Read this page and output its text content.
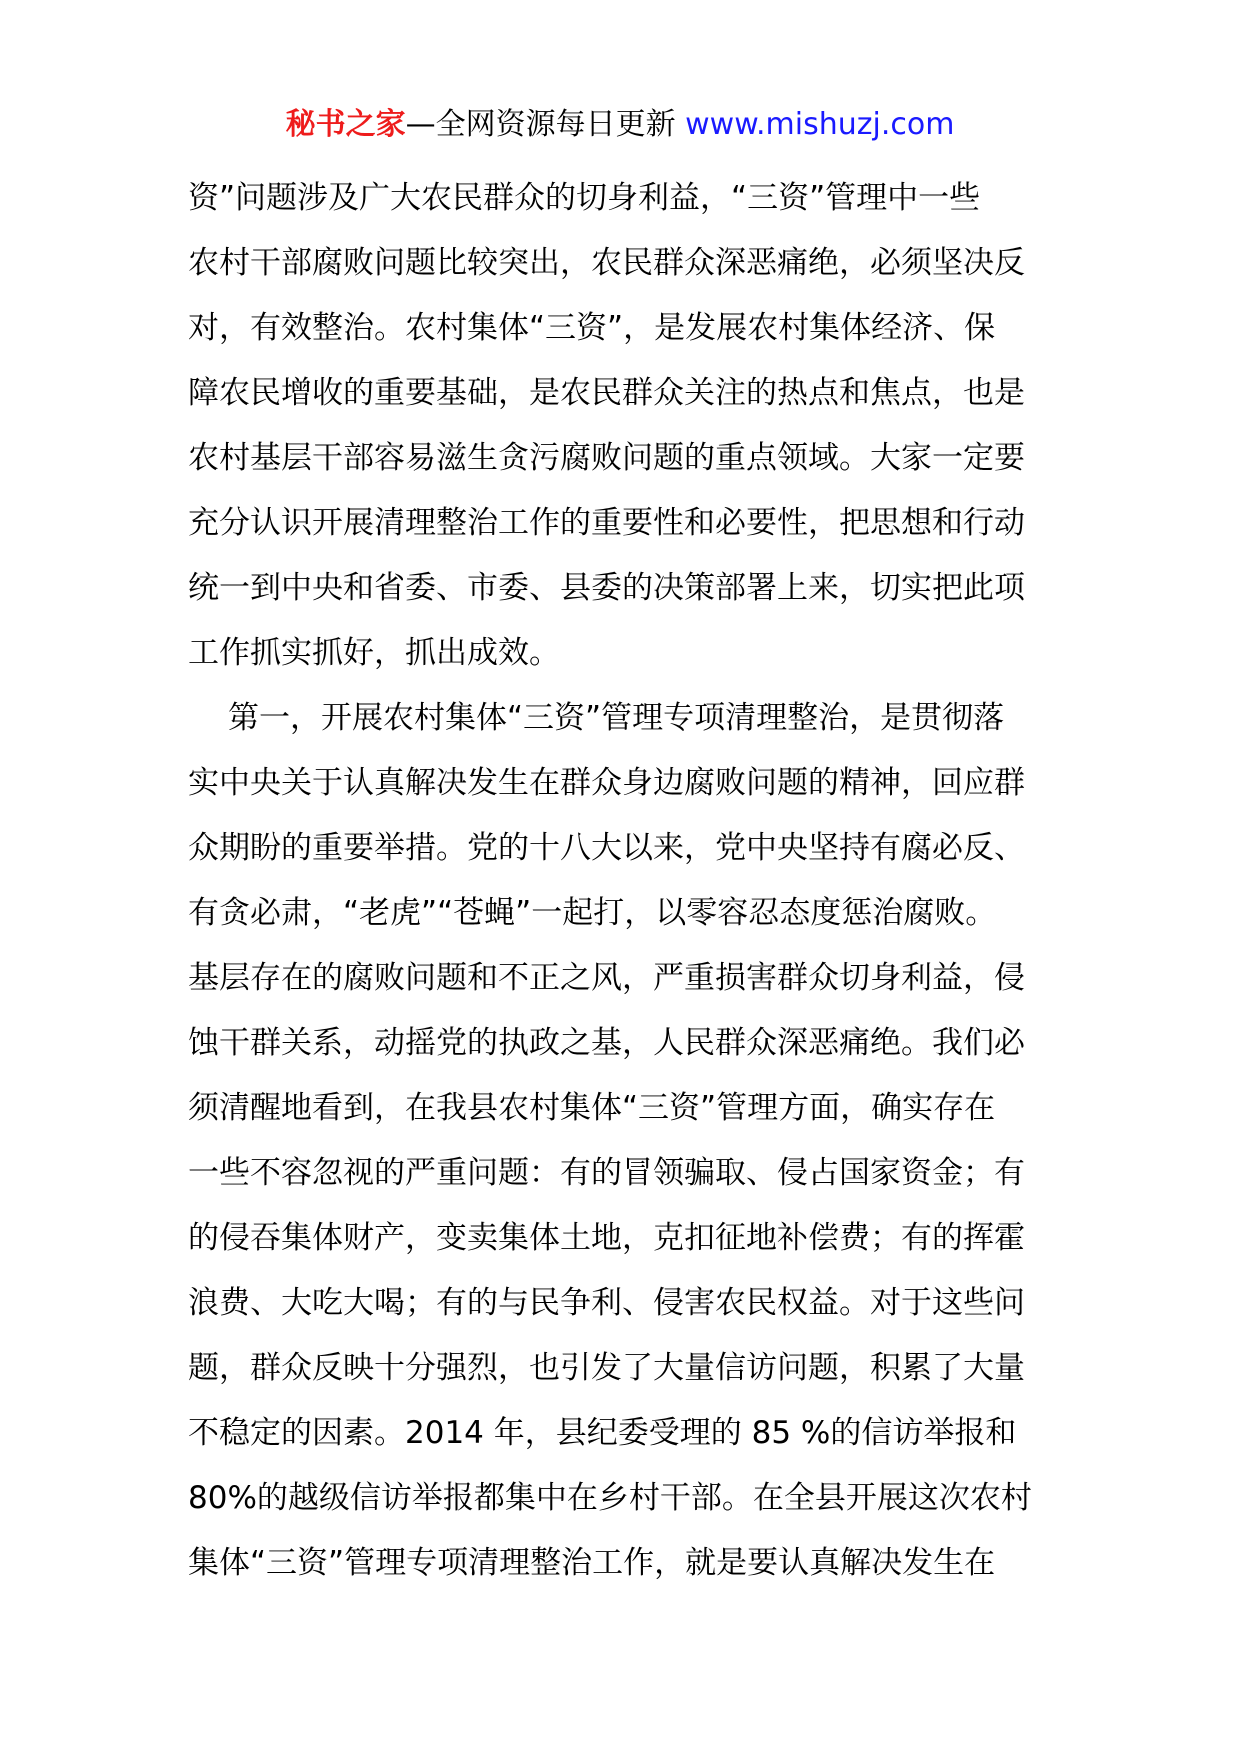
秘书之家—全网资源每日更新 www.mishuzj.com
资”问题涉及广大农民群众的切身利益，“三资”管理中一些
农村干部腐败问题比较突出，农民群众深恶痛绝，必须坚决反
对，有效整治。农村集体“三资”，是发展农村集体经济、保
障农民增收的重要基础，是农民群众关注的热点和焦点，也是
农村基层干部容易滋生贪污腐败问题的重点领域。大家一定要
充分认识开展清理整治工作的重要性和必要性，把思想和行动
统一到中央和省委、市委、县委的决策部署上来，切实把此项
工作抓实抓好，抓出成效。
第一，开展农村集体“三资”管理专项清理整治，是贯彻落
实中央关于认真解决发生在群众身边腐败问题的精神，回应群
众期盼的重要举措。党的十八大以来，党中央坚持有腐必反、
有贪必肃，“老虎”“苍蝇”一起打，以零容忍态度惩治腐败。
基层存在的腐败问题和不正之风，严重损害群众切身利益，侵
蚀干群关系，动摇党的执政之基，人民群众深恶痛绝。我们必
须清醒地看到，在我县农村集体“三资”管理方面，确实存在
一些不容忽视的严重问题：有的冒领骗取、侵占国家资金；有
的侵吞集体财产，变卖集体土地，克扣征地补偿费；有的挥霍
浪费、大吃大喝；有的与民争利、侵害农民权益。对于这些问
题，群众反映十分强烈，也引发了大量信访问题，积累了大量
不稳定的因素。2014 年，县纪委受理的 85 %的信访举报和
80%的越级信访举报都集中在乡村干部。在全县开展这次农村
集体“三资”管理专项清理整治工作，就是要认真解决发生在
